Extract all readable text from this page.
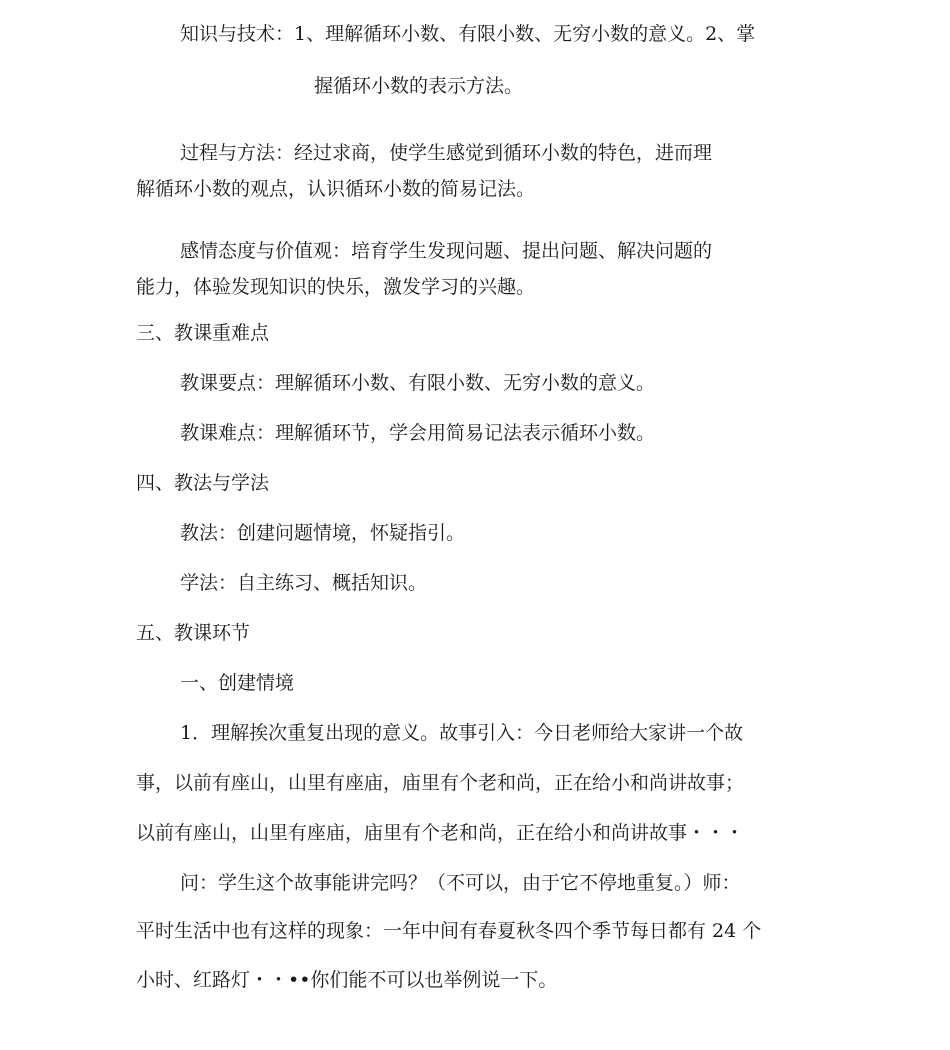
知识与技术：1、理解循环小数、有限小数、无穷小数的意义。2、掌

握循环小数的表示方法。

过程与方法：经过求商，使学生感觉到循环小数的特色，进而理

解循环小数的观点，认识循环小数的简易记法。

感情态度与价值观：培育学生发现问题、提出问题、解决问题的

能力，体验发现知识的快乐，激发学习的兴趣。

三、教课重难点

教课要点：理解循环小数、有限小数、无穷小数的意义。

教课难点：理解循环节，学会用简易记法表示循环小数。

四、教法与学法

教法：创建问题情境，怀疑指引。

学法：自主练习、概括知识。

五、教课环节

一、创建情境

1．理解挨次重复出现的意义。故事引入：今日老师给大家讲一个故

事，以前有座山，山里有座庙，庙里有个老和尚，正在给小和尚讲故事；

以前有座山，山里有座庙，庙里有个老和尚，正在给小和尚讲故事・・・

问：学生这个故事能讲完吗？（不可以，由于它不停地重复。）师：

平时生活中也有这样的现象：一年中间有春夏秋冬四个季节每日都有 24 个

小时、红路灯・・••你们能不可以也举例说一下。
